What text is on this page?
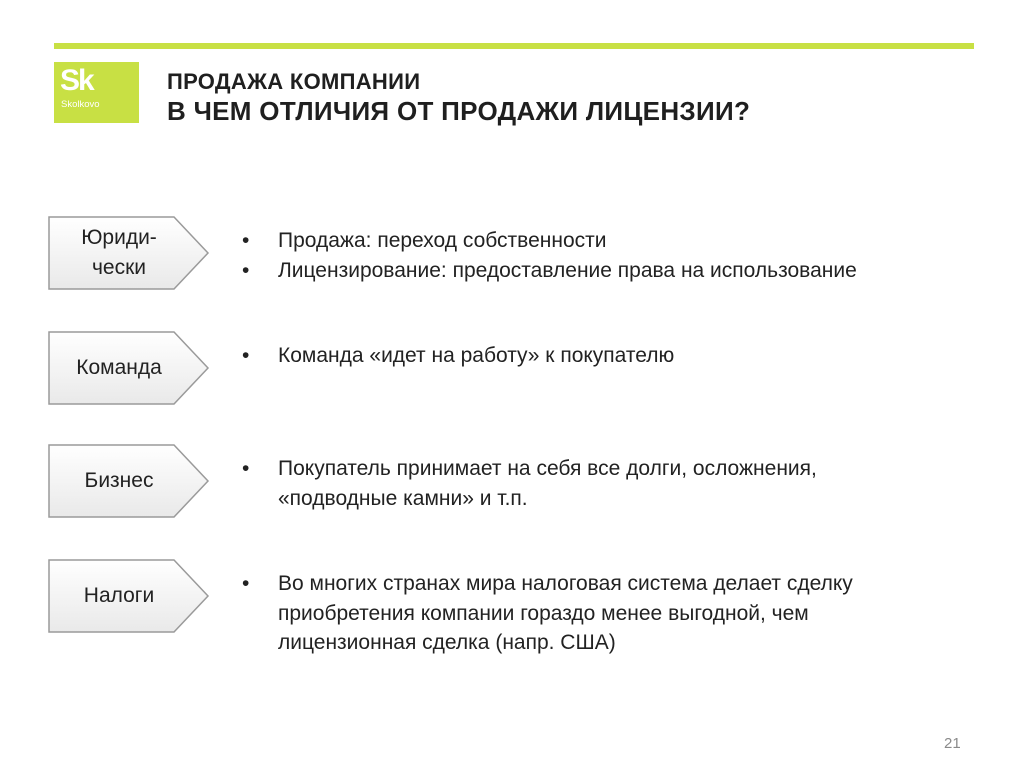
Sk
Skolkovo
ПРОДАЖА КОМПАНИИ
В ЧЕМ ОТЛИЧИЯ ОТ ПРОДАЖИ ЛИЦЕНЗИИ?
Юриди-
чески
• Продажа: переход собственности
• Лицензирование: предоставление права на использование
Команда
• Команда «идет на работу» к покупателю
Бизнес
• Покупатель принимает на себя все долги, осложнения,
«подводные камни» и т.п.
Налоги
• Во многих странах мира налоговая система делает сделку
приобретения компании гораздо менее выгодной, чем
лицензионная сделка (напр. США)
21
